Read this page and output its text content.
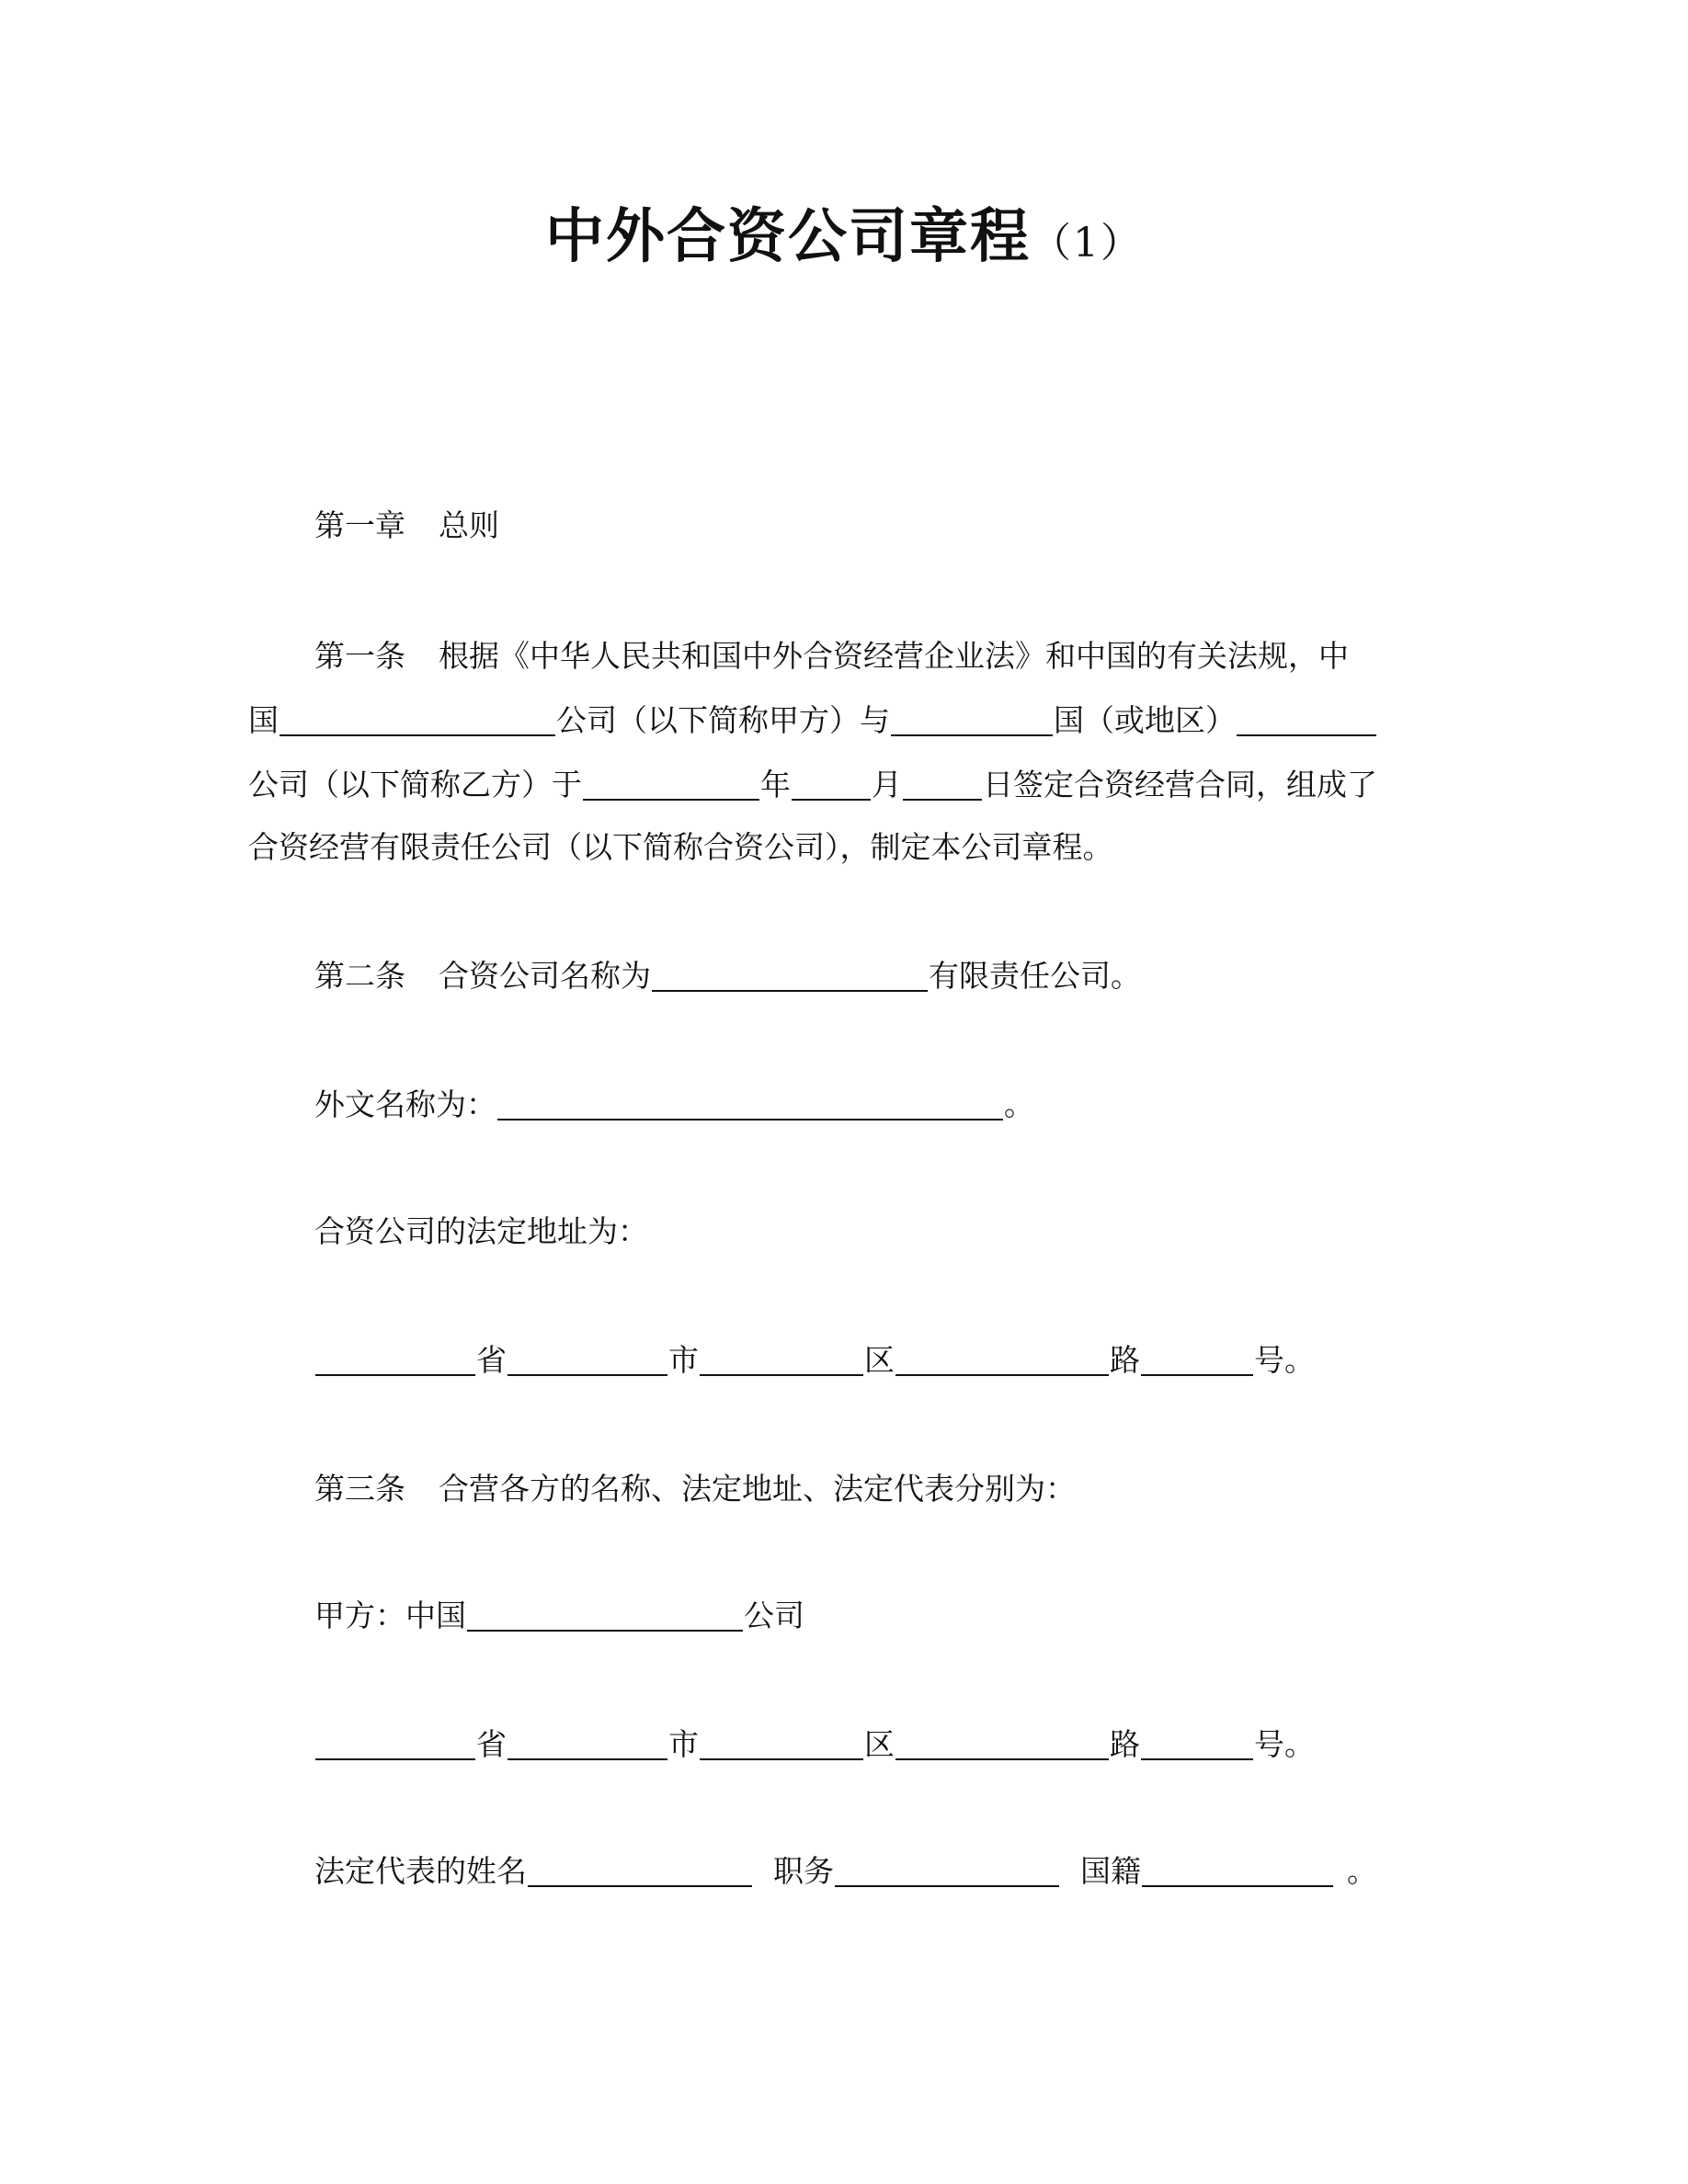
中外合资公司章程（1）
第一章 总则
第一条 根据《中华人民共和国中外合资经营企业法》和中国的有关法规，中
国	公司（以下简称甲方）与	国（或地区）
公司（以下简称乙方）于	年	月	日签定合资经营合同，组成了
合资经营有限责任公司（以下简称合资公司），制定本公司章程。
第二条 合资公司名称为	有限责任公司。
外文名称为：	。
合资公司的法定地址为：
省	市	区	路	号。
第三条 合营各方的名称、法定地址、法定代表分别为：
甲方：中国	公司
省	市	区	路	号。
法定代表的姓名	职务	国籍	。
